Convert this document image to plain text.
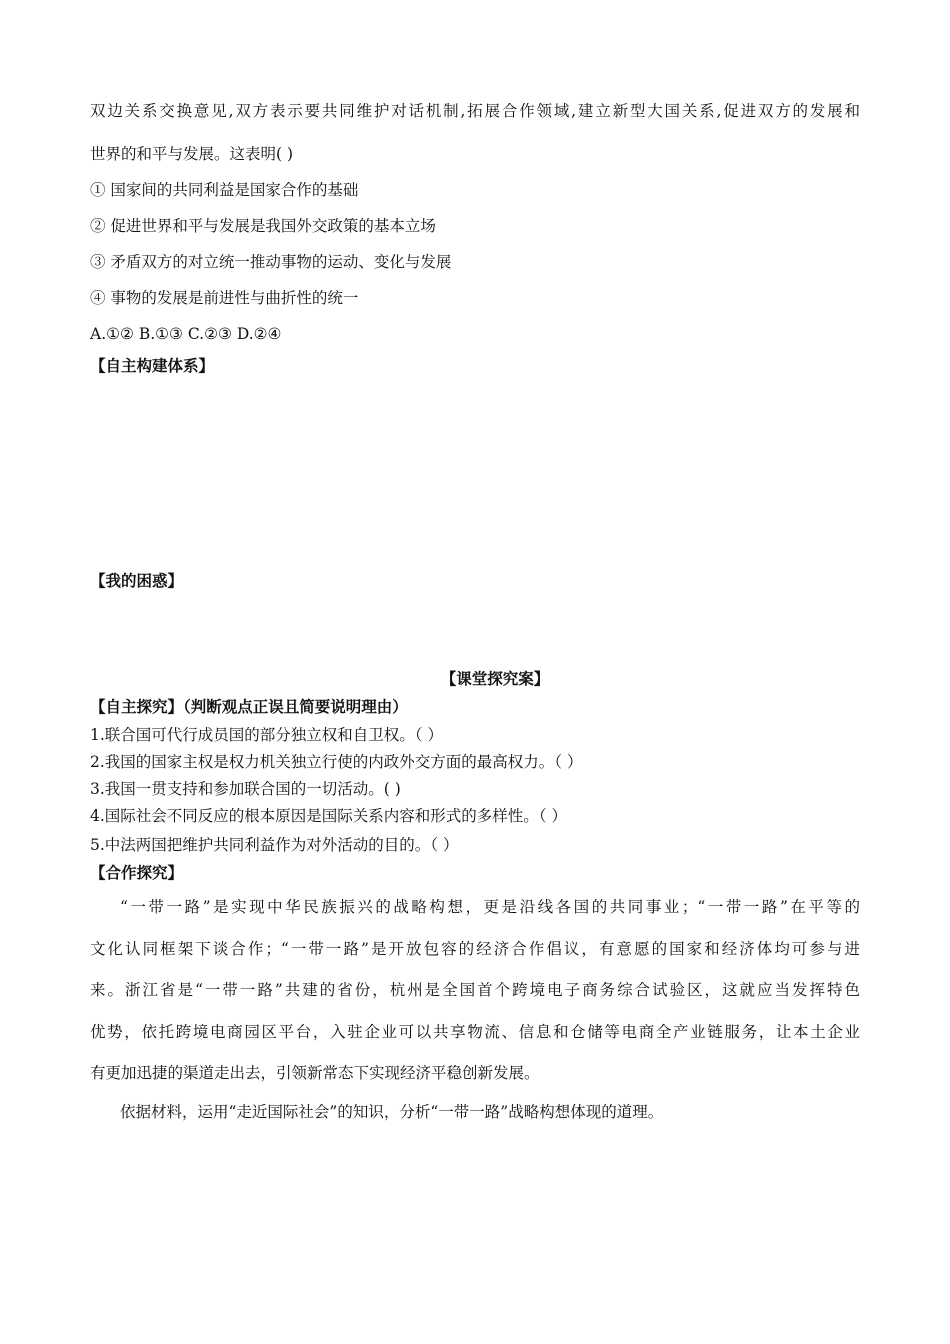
双边关系交换意见,双方表示要共同维护对话机制,拓展合作领域,建立新型大国关系,促进双方的发展和
世界的和平与发展。这表明( )
① 国家间的共同利益是国家合作的基础
② 促进世界和平与发展是我国外交政策的基本立场
③ 矛盾双方的对立统一推动事物的运动、变化与发展
④ 事物的发展是前进性与曲折性的统一
A.①② B.①③ C.②③ D.②④
【自主构建体系】
【我的困惑】
【课堂探究案】
【自主探究】（判断观点正误且简要说明理由）
1.联合国可代行成员国的部分独立权和自卫权。（ ）
2.我国的国家主权是权力机关独立行使的内政外交方面的最高权力。（ ）
3.我国一贯支持和参加联合国的一切活动。( )
4.国际社会不同反应的根本原因是国际关系内容和形式的多样性。（ ）
5.中法两国把维护共同利益作为对外活动的目的。（ ）
【合作探究】
“一带一路”是实现中华民族振兴的战略构想，更是沿线各国的共同事业；“一带一路”在平等的
文化认同框架下谈合作；“一带一路”是开放包容的经济合作倡议，有意愿的国家和经济体均可参与进
来。浙江省是“一带一路”共建的省份，杭州是全国首个跨境电子商务综合试验区，这就应当发挥特色
优势，依托跨境电商园区平台，入驻企业可以共享物流、信息和仓储等电商全产业链服务，让本土企业
有更加迅捷的渠道走出去，引领新常态下实现经济平稳创新发展。
依据材料，运用“走近国际社会”的知识，分析“一带一路”战略构想体现的道理。
